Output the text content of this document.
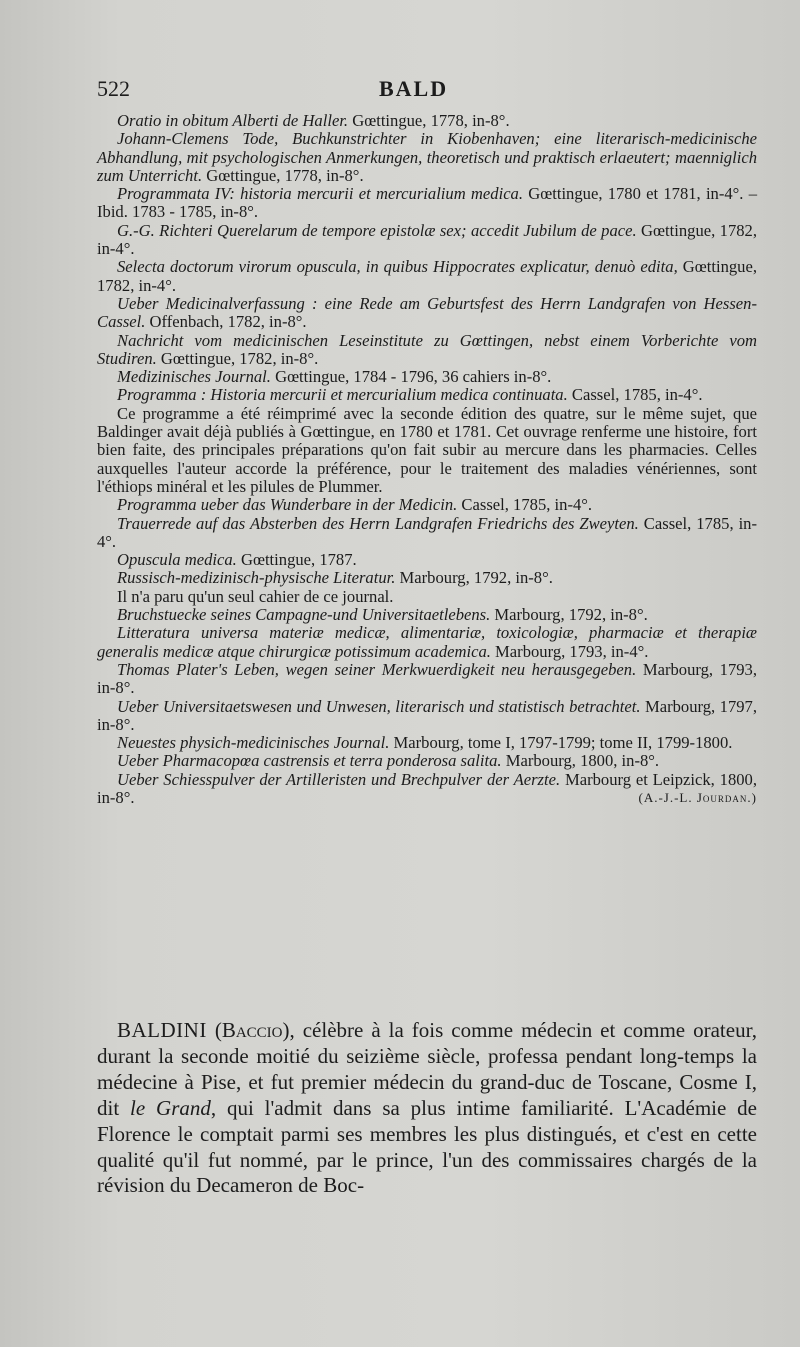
522	BALD

Oratio in obitum Alberti de Haller. Gœttingue, 1778, in-8°.

Johann-Clemens Tode, Buchkunstrichter in Kiobenhaven; eine literarisch-medicinische Abhandlung, mit psychologischen Anmerkungen, theoretisch und praktisch erlaeutert; maenniglich zum Unterricht. Gœttingue, 1778, in-8°.

Programmata IV: historia mercurii et mercurialium medica. Gœttingue, 1780 et 1781, in-4°. – Ibid. 1783 - 1785, in-8°.

G.-G. Richteri Querelarum de tempore epistolæ sex; accedit Jubilum de pace. Gœttingue, 1782, in-4°.

Selecta doctorum virorum opuscula, in quibus Hippocrates explicatur, denuò edita, Gœttingue, 1782, in-4°.

Ueber Medicinalverfassung : eine Rede am Geburtsfest des Herrn Landgrafen von Hessen-Cassel. Offenbach, 1782, in-8°.

Nachricht vom medicinischen Leseinstitute zu Gœttingen, nebst einem Vorberichte vom Studiren. Gœttingue, 1782, in-8°.

Medizinisches Journal. Gœttingue, 1784 - 1796, 36 cahiers in-8°.

Programma : Historia mercurii et mercurialium medica continuata. Cassel, 1785, in-4°.

Ce programme a été réimprimé avec la seconde édition des quatre, sur le même sujet, que Baldinger avait déjà publiés à Gœttingue, en 1780 et 1781. Cet ouvrage renferme une histoire, fort bien faite, des principales préparations qu'on fait subir au mercure dans les pharmacies. Celles auxquelles l'auteur accorde la préférence, pour le traitement des maladies vénériennes, sont l'éthiops minéral et les pilules de Plummer.

Programma ueber das Wunderbare in der Medicin. Cassel, 1785, in-4°.

Trauerrede auf das Absterben des Herrn Landgrafen Friedrichs des Zweyten. Cassel, 1785, in-4°.

Opuscula medica. Gœttingue, 1787.

Russisch-medizinisch-physische Literatur. Marbourg, 1792, in-8°.

Il n'a paru qu'un seul cahier de ce journal.

Bruchstuecke seines Campagne-und Universitaetlebens. Marbourg, 1792, in-8°.

Litteratura universa materiæ medicæ, alimentariæ, toxicologiæ, pharmaciæ et therapiæ generalis medicæ atque chirurgicæ potissimum academica. Marbourg, 1793, in-4°.

Thomas Plater's Leben, wegen seiner Merkwuerdigkeit neu herausgegeben. Marbourg, 1793, in-8°.

Ueber Universitaetswesen und Unwesen, literarisch und statistisch betrachtet. Marbourg, 1797, in-8°.

Neuestes physich-medicinisches Journal. Marbourg, tome I, 1797-1799; tome II, 1799-1800.

Ueber Pharmacopœa castrensis et terra ponderosa salita. Marbourg, 1800, in-8°.

Ueber Schiesspulver der Artilleristen und Brechpulver der Aerzte. Marbourg et Leipzick, 1800, in-8°.	(A.-J.-L. Jourdan.)

BALDINI (Baccio), célèbre à la fois comme médecin et comme orateur, durant la seconde moitié du seizième siècle, professa pendant long-temps la médecine à Pise, et fut premier médecin du grand-duc de Toscane, Cosme I, dit le Grand, qui l'admit dans sa plus intime familiarité. L'Académie de Florence le comptait parmi ses membres les plus distingués, et c'est en cette qualité qu'il fut nommé, par le prince, l'un des commissaires chargés de la révision du Decameron de Boc-
